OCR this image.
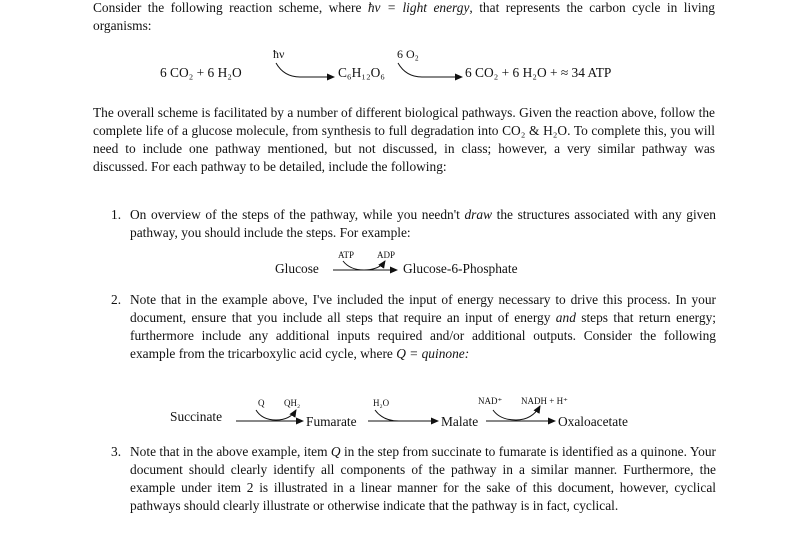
Consider the following reaction scheme, where ħν = light energy, that represents the carbon cycle in living organisms:
6 CO₂ + 6 H₂O
ħν
C₆H₁₂O₆
6 O₂
6 CO₂ + 6 H₂O + ≈ 34 ATP
The overall scheme is facilitated by a number of different biological pathways. Given the reaction above, follow the complete life of a glucose molecule, from synthesis to full degradation into CO₂ & H₂O. To complete this, you will need to include one pathway mentioned, but not discussed, in class; however, a very similar pathway was discussed. For each pathway to be detailed, include the following:
1. On overview of the steps of the pathway, while you needn't draw the structures associated with any given pathway, you should include the steps. For example:
ATP	ADP
Glucose	Glucose-6-Phosphate
2. Note that in the example above, I've included the input of energy necessary to drive this process. In your document, ensure that you include all steps that require an input of energy and steps that return energy; furthermore include any additional inputs required and/or additional outputs. Consider the following example from the tricarboxylic acid cycle, where Q = quinone:
Q QH₂	H₂O	NAD⁺ NADH + H⁺
Succinate	Fumarate	Malate	Oxaloacetate
3. Note that in the above example, item Q in the step from succinate to fumarate is identified as a quinone. Your document should clearly identify all components of the pathway in a similar manner. Furthermore, the example under item 2 is illustrated in a linear manner for the sake of this document, however, cyclical pathways should clearly illustrate or otherwise indicate that the pathway is in fact, cyclical.
